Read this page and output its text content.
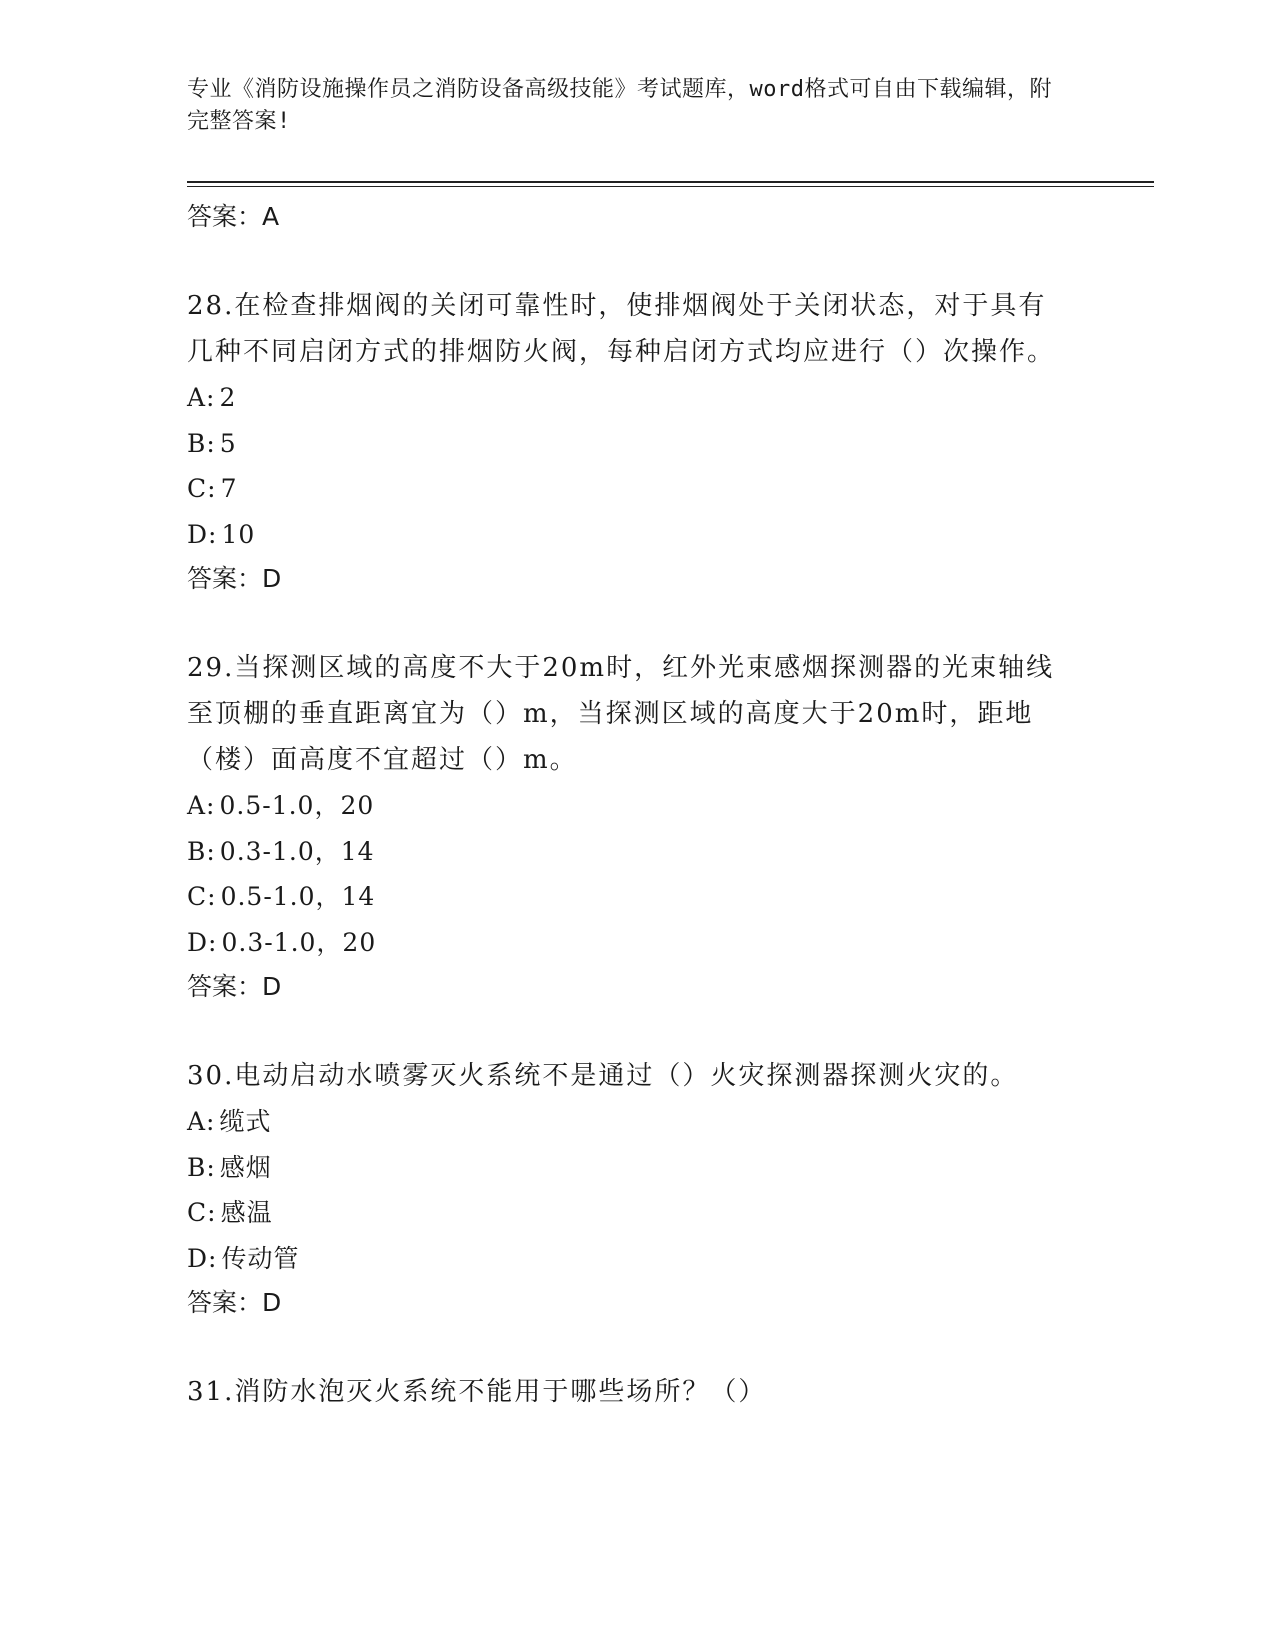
专业《消防设施操作员之消防设备高级技能》考试题库，word格式可自由下载编辑，附完整答案!
答案：A
28.在检查排烟阀的关闭可靠性时，使排烟阀处于关闭状态，对于具有几种不同启闭方式的排烟防火阀，每种启闭方式均应进行（）次操作。
A: 2
B: 5
C: 7
D: 10
答案：D
29.当探测区域的高度不大于20m时，红外光束感烟探测器的光束轴线至顶棚的垂直距离宜为（）m，当探测区域的高度大于20m时，距地（楼）面高度不宜超过（）m。
A: 0.5-1.0，20
B: 0.3-1.0，14
C: 0.5-1.0，14
D: 0.3-1.0，20
答案：D
30.电动启动水喷雾灭火系统不是通过（）火灾探测器探测火灾的。
A: 缆式
B: 感烟
C: 感温
D: 传动管
答案：D
31.消防水泡灭火系统不能用于哪些场所？（）
